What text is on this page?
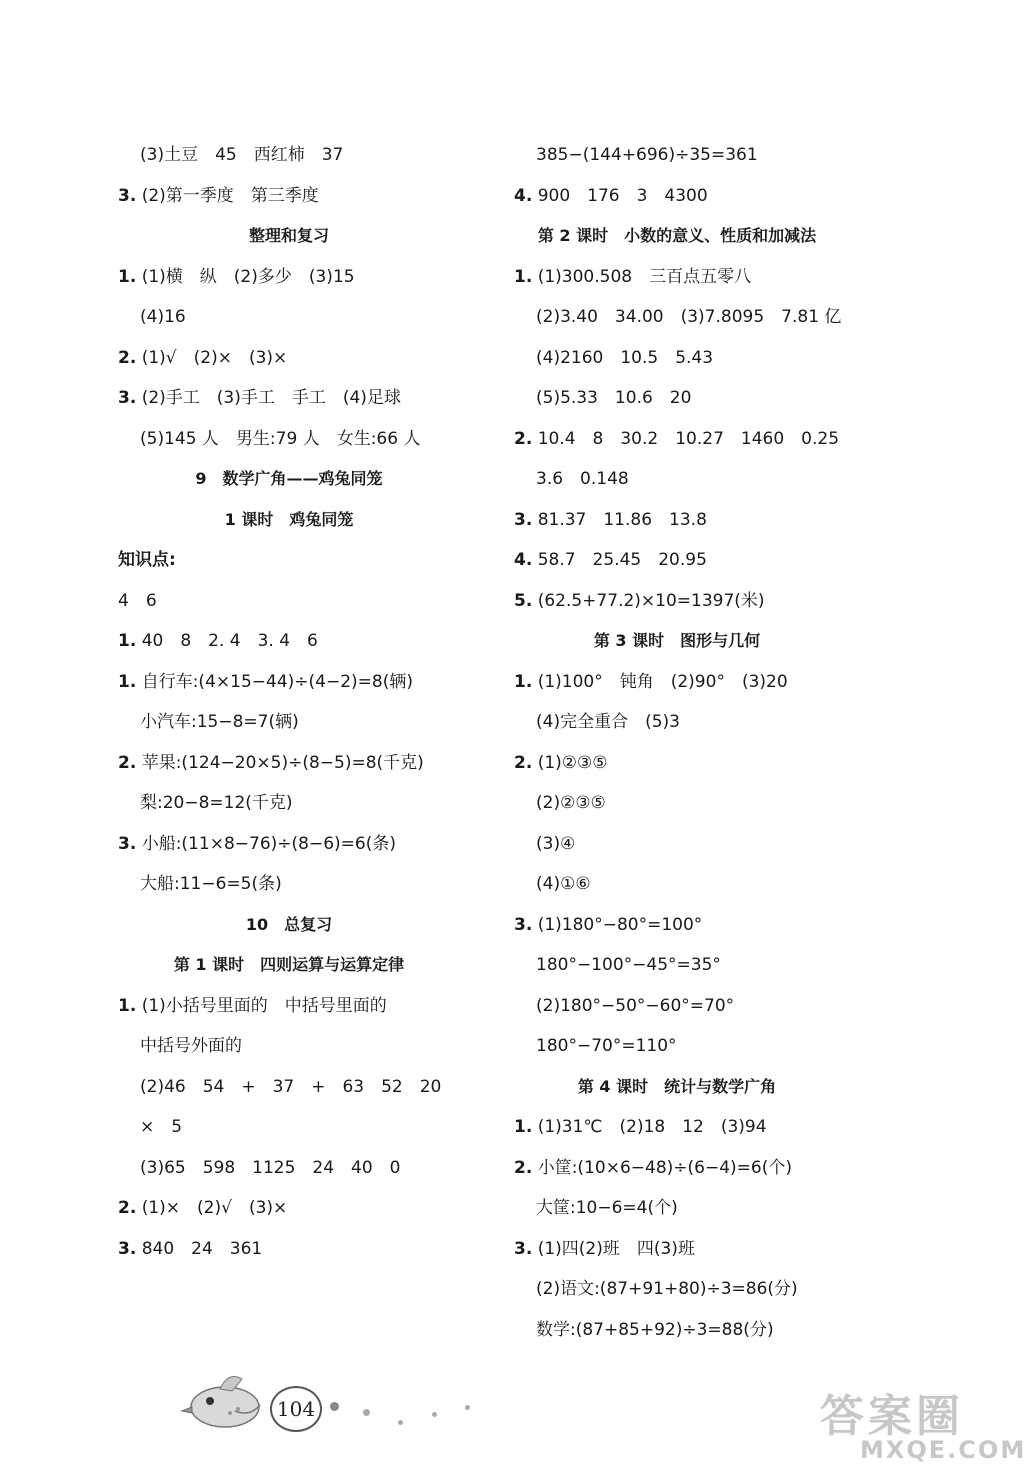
(3)土豆　45　西红柿　37
3. (2)第一季度　第三季度
整理和复习
1. (1)横　纵　(2)多少　(3)15
(4)16
2. (1)√　(2)×　(3)×
3. (2)手工　(3)手工　手工　(4)足球
(5)145 人　男生:79 人　女生:66 人
9　数学广角——鸡兔同笼
1 课时　鸡兔同笼
知识点:
4　6
1. 40　8　2. 4　3. 4　6
1. 自行车:(4×15−44)÷(4−2)=8(辆)
小汽车:15−8=7(辆)
2. 苹果:(124−20×5)÷(8−5)=8(千克)
梨:20−8=12(千克)
3. 小船:(11×8−76)÷(8−6)=6(条)
大船:11−6=5(条)
10　总复习
第 1 课时　四则运算与运算定律
1. (1)小括号里面的　中括号里面的
中括号外面的
(2)46　54　+　37　+　63　52　20
×　5
(3)65　598　1125　24　40　0
2. (1)×　(2)√　(3)×
3. 840　24　361
385−(144+696)÷35=361
4. 900　176　3　4300
第 2 课时　小数的意义、性质和加减法
1. (1)300.508　三百点五零八
(2)3.40　34.00　(3)7.8095　7.81 亿
(4)2160　10.5　5.43
(5)5.33　10.6　20
2. 10.4　8　30.2　10.27　1460　0.25
3.6　0.148
3. 81.37　11.86　13.8
4. 58.7　25.45　20.95
5. (62.5+77.2)×10=1397(米)
第 3 课时　图形与几何
1. (1)100°　钝角　(2)90°　(3)20
(4)完全重合　(5)3
2. (1)②③⑤
(2)②③⑤
(3)④
(4)①⑥
3. (1)180°−80°=100°
180°−100°−45°=35°
(2)180°−50°−60°=70°
180°−70°=110°
第 4 课时　统计与数学广角
1. (1)31℃　(2)18　12　(3)94
2. 小筐:(10×6−48)÷(6−4)=6(个)
大筐:10−6=4(个)
3. (1)四(2)班　四(3)班
(2)语文:(87+91+80)÷3=86(分)
数学:(87+85+92)÷3=88(分)
104	答案圈
MXQE.COM
